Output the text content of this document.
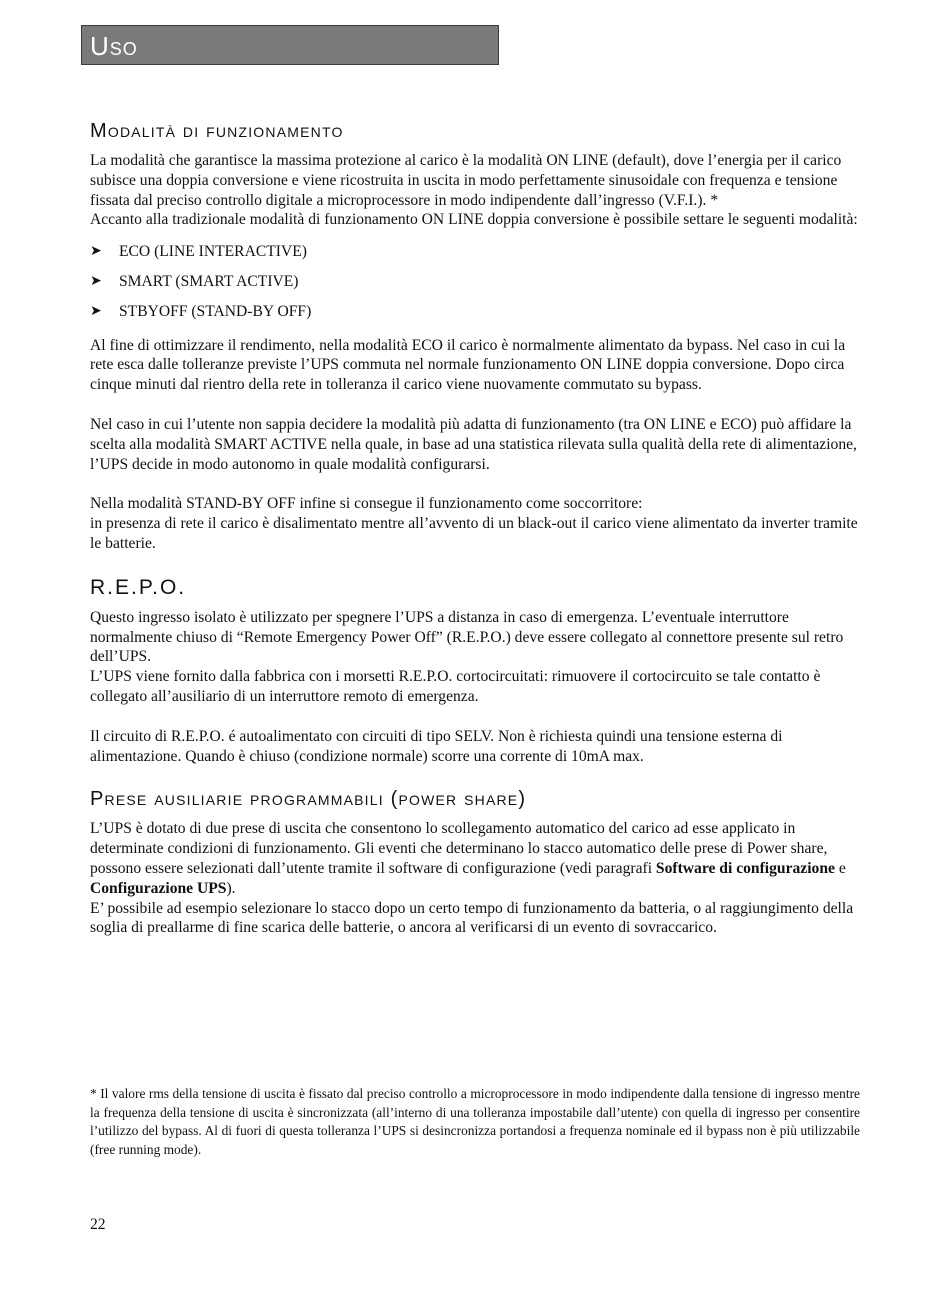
Uso
Modalità di funzionamento

La modalità che garantisce la massima protezione al carico è la modalità ON LINE (default), dove l’energia per il carico subisce una doppia conversione e viene ricostruita in uscita in modo perfettamente sinusoidale con frequenza e tensione fissata dal preciso controllo digitale a microprocessore in modo indipendente dall’ingresso (V.F.I.). *

Accanto alla tradizionale modalità di funzionamento ON LINE doppia conversione è possibile settare le seguenti modalità:

➤ ECO (LINE INTERACTIVE)
➤ SMART (SMART ACTIVE)
➤ STBYOFF (STAND-BY OFF)

Al fine di ottimizzare il rendimento, nella modalità ECO il carico è normalmente alimentato da bypass. Nel caso in cui la rete esca dalle tolleranze previste l’UPS commuta nel normale funzionamento ON LINE doppia conversione. Dopo circa cinque minuti dal rientro della rete in tolleranza il carico viene nuovamente commutato su bypass.

Nel caso in cui l’utente non sappia decidere la modalità più adatta di funzionamento (tra ON LINE e ECO) può affidare la scelta alla modalità SMART ACTIVE nella quale, in base ad una statistica rilevata sulla qualità della rete di alimentazione, l’UPS decide in modo autonomo in quale modalità configurarsi.

Nella modalità STAND-BY OFF infine si consegue il funzionamento come soccorritore:

in presenza di rete il carico è disalimentato mentre all’avvento di un black-out il carico viene alimentato da inverter tramite le batterie.

R.E.P.O.

Questo ingresso isolato è utilizzato per spegnere l’UPS a distanza in caso di emergenza. L’eventuale interruttore normalmente chiuso di “Remote Emergency Power Off” (R.E.P.O.) deve essere collegato al connettore presente sul retro dell’UPS.

L’UPS viene fornito dalla fabbrica con i morsetti R.E.P.O. cortocircuitati: rimuovere il cortocircuito se tale contatto è collegato all’ausiliario di un interruttore remoto di emergenza.

Il circuito di R.E.P.O. é autoalimentato con circuiti di tipo SELV. Non è richiesta quindi una tensione esterna di alimentazione. Quando è chiuso (condizione normale) scorre una corrente di 10mA max.

Prese ausiliarie programmabili (power share)

L’UPS è dotato di due prese di uscita che consentono lo scollegamento automatico del carico ad esse applicato in determinate condizioni di funzionamento. Gli eventi che determinano lo stacco automatico delle prese di Power share, possono essere selezionati dall’utente tramite il software di configurazione (vedi paragrafi Software di configurazione e Configurazione UPS).

E’ possibile ad esempio selezionare lo stacco dopo un certo tempo di funzionamento da batteria, o al raggiungimento della soglia di preallarme di fine scarica delle batterie, o ancora al verificarsi di un evento di sovraccarico.

* Il valore rms della tensione di uscita è fissato dal preciso controllo a microprocessore in modo indipendente dalla tensione di ingresso mentre la frequenza della tensione di uscita è sincronizzata (all’interno di una tolleranza impostabile dall’utente) con quella di ingresso per consentire l’utilizzo del bypass. Al di fuori di questa tolleranza l’UPS si desincronizza portandosi a frequenza nominale ed il bypass non è più utilizzabile (free running mode).
22
